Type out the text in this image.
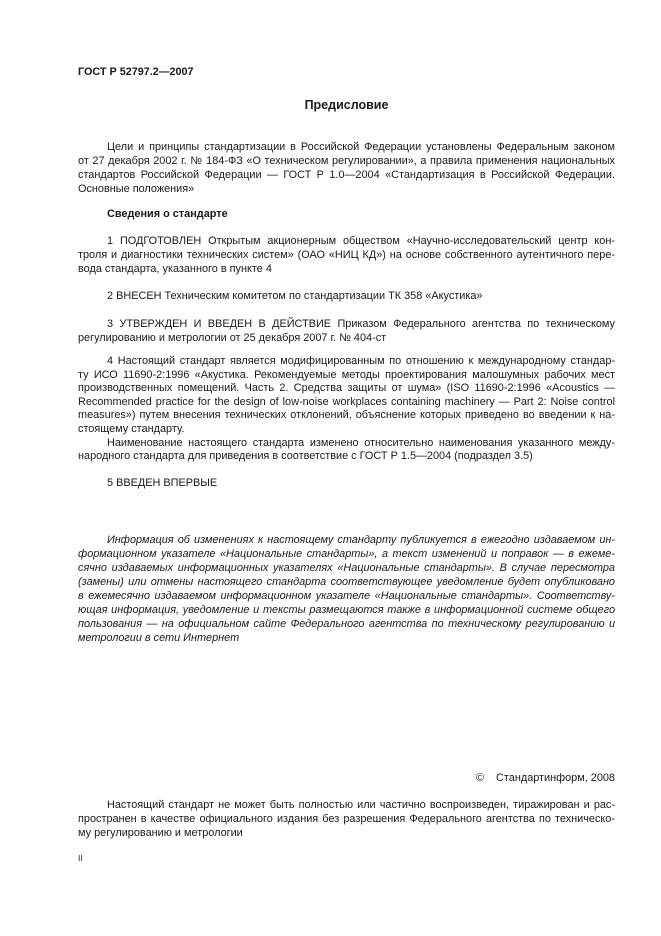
ГОСТ Р 52797.2—2007
Предисловие
Цели и принципы стандартизации в Российской Федерации установлены Федеральным законом
от 27 декабря 2002 г. № 184-ФЗ «О техническом регулировании», а правила применения национальных
стандартов Российской Федерации — ГОСТ Р 1.0—2004 «Стандартизация в Российской Федерации.
Основные положения»
Сведения о стандарте
1 ПОДГОТОВЛЕН Открытым акционерным обществом «Научно-исследовательский центр кон-
троля и диагностики технических систем» (ОАО «НИЦ КД») на основе собственного аутентичного пере-
вода стандарта, указанного в пункте 4
2 ВНЕСЕН Техническим комитетом по стандартизации ТК 358 «Акустика»
3 УТВЕРЖДЕН И ВВЕДЕН В ДЕЙСТВИЕ Приказом Федерального агентства по техническому
регулированию и метрологии от 25 декабря 2007 г. № 404-ст
4 Настоящий стандарт является модифицированным по отношению к международному стандар-
ту ИСО 11690-2:1996 «Акустика. Рекомендуемые методы проектирования малошумных рабочих мест
производственных помещений. Часть 2. Средства защиты от шума» (ISO 11690-2:1996 «Acoustics —
Recommended practice for the design of low-noise workplaces containing machinery — Part 2: Noise control
measures») путем внесения технических отклонений, объяснение которых приведено во введении к на-
стоящему стандарту.
Наименование настоящего стандарта изменено относительно наименования указанного между-
народного стандарта для приведения в соответствие с ГОСТ Р 1.5—2004 (подраздел 3.5)
5 ВВЕДЕН ВПЕРВЫЕ
Информация об изменениях к настоящему стандарту публикуется в ежегодно издаваемом ин-
формационном указателе «Национальные стандарты», а текст изменений и поправок — в ежеме-
сячно издаваемых информационных указателях «Национальные стандарты». В случае пересмотра
(замены) или отмены настоящего стандарта соответствующее уведомление будет опубликовано
в ежемесячно издаваемом информационном указателе «Национальные стандарты». Соответству-
ющая информация, уведомление и тексты размещаются также в информационной системе общего
пользования — на официальном сайте Федерального агентства по техническому регулированию и
метрологии в сети Интернет
© Стандартинформ, 2008
Настоящий стандарт не может быть полностью или частично воспроизведен, тиражирован и рас-
пространен в качестве официального издания без разрешения Федерального агентства по техническо-
му регулированию и метрологии
II
